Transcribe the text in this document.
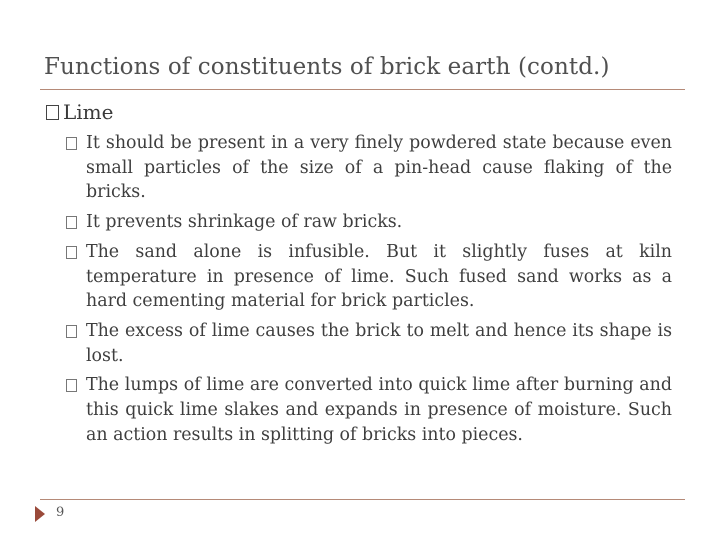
Functions of constituents of brick earth (contd.)
Lime
It should be present in a very finely powdered state because even small particles of the size of a pin-head cause flaking of the bricks.
It prevents shrinkage of raw bricks.
The sand alone is infusible. But it slightly fuses at kiln temperature in presence of lime. Such fused sand works as a hard cementing material for brick particles.
The excess of lime causes the brick to melt and hence its shape is lost.
The lumps of lime are converted into quick lime after burning and this quick lime slakes and expands in presence of moisture. Such an action results in splitting of bricks into pieces.
9
